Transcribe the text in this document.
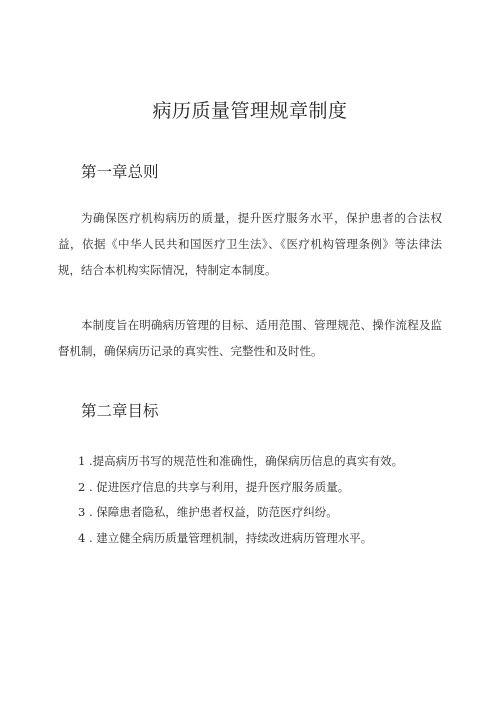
病历质量管理规章制度
第一章总则
为确保医疗机构病历的质量，提升医疗服务水平，保护患者的合法权益，依据《中华人民共和国医疗卫生法》、《医疗机构管理条例》等法律法规，结合本机构实际情况，特制定本制度。
本制度旨在明确病历管理的目标、适用范围、管理规范、操作流程及监督机制，确保病历记录的真实性、完整性和及时性。
第二章目标
1 .提高病历书写的规范性和准确性，确保病历信息的真实有效。
2 . 促进医疗信息的共享与利用，提升医疗服务质量。
3 . 保障患者隐私，维护患者权益，防范医疗纠纷。
4 . 建立健全病历质量管理机制，持续改进病历管理水平。
